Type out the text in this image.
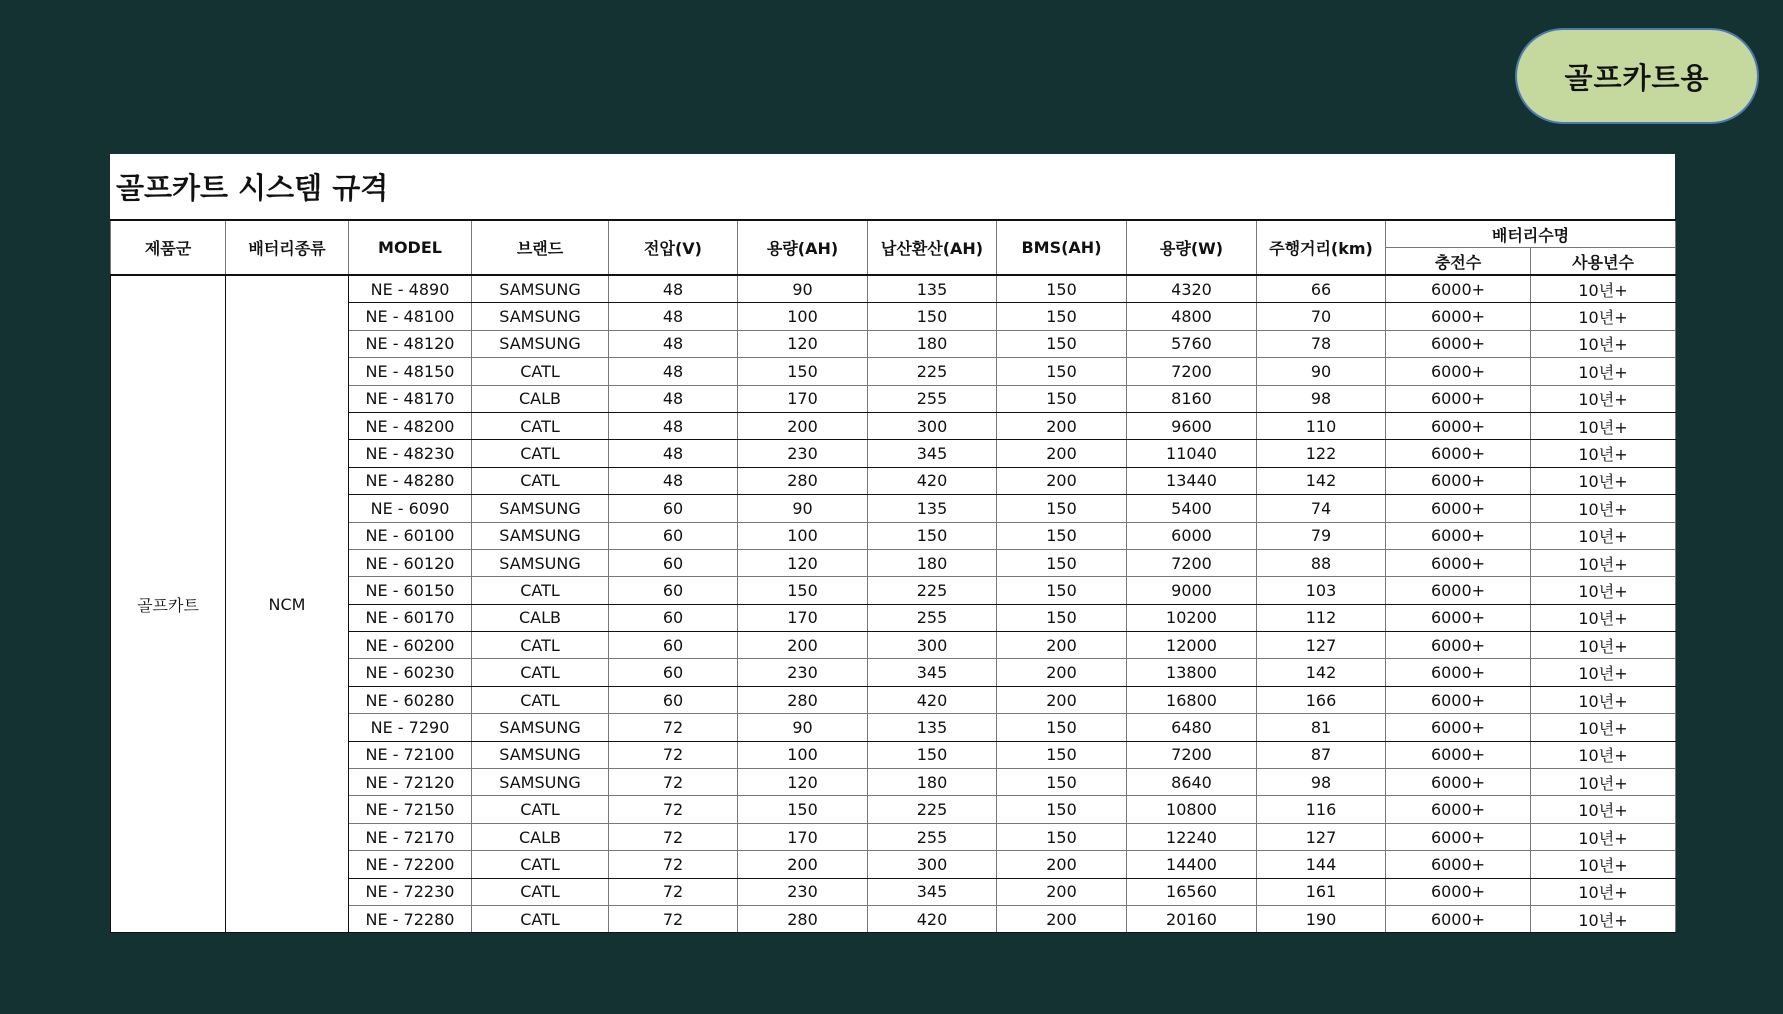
골프카트용
골프카트 시스템 규격
제품군	배터리종류	MODEL	브랜드	전압(V)	용량(AH)	납산환산(AH)	BMS(AH)	용량(W)	주행거리(km)	배터리수명	
										충전수	사용년수
골프카트	NCM	NE - 4890	SAMSUNG	48	90	135	150	4320	66	6000+	10년+
		NE - 48100	SAMSUNG	48	100	150	150	4800	70	6000+	10년+
		NE - 48120	SAMSUNG	48	120	180	150	5760	78	6000+	10년+
		NE - 48150	CATL	48	150	225	150	7200	90	6000+	10년+
		NE - 48170	CALB	48	170	255	150	8160	98	6000+	10년+
		NE - 48200	CATL	48	200	300	200	9600	110	6000+	10년+
		NE - 48230	CATL	48	230	345	200	11040	122	6000+	10년+
		NE - 48280	CATL	48	280	420	200	13440	142	6000+	10년+
		NE - 6090	SAMSUNG	60	90	135	150	5400	74	6000+	10년+
		NE - 60100	SAMSUNG	60	100	150	150	6000	79	6000+	10년+
		NE - 60120	SAMSUNG	60	120	180	150	7200	88	6000+	10년+
		NE - 60150	CATL	60	150	225	150	9000	103	6000+	10년+
		NE - 60170	CALB	60	170	255	150	10200	112	6000+	10년+
		NE - 60200	CATL	60	200	300	200	12000	127	6000+	10년+
		NE - 60230	CATL	60	230	345	200	13800	142	6000+	10년+
		NE - 60280	CATL	60	280	420	200	16800	166	6000+	10년+
		NE - 7290	SAMSUNG	72	90	135	150	6480	81	6000+	10년+
		NE - 72100	SAMSUNG	72	100	150	150	7200	87	6000+	10년+
		NE - 72120	SAMSUNG	72	120	180	150	8640	98	6000+	10년+
		NE - 72150	CATL	72	150	225	150	10800	116	6000+	10년+
		NE - 72170	CALB	72	170	255	150	12240	127	6000+	10년+
		NE - 72200	CATL	72	200	300	200	14400	144	6000+	10년+
		NE - 72230	CATL	72	230	345	200	16560	161	6000+	10년+
		NE - 72280	CATL	72	280	420	200	20160	190	6000+	10년+
